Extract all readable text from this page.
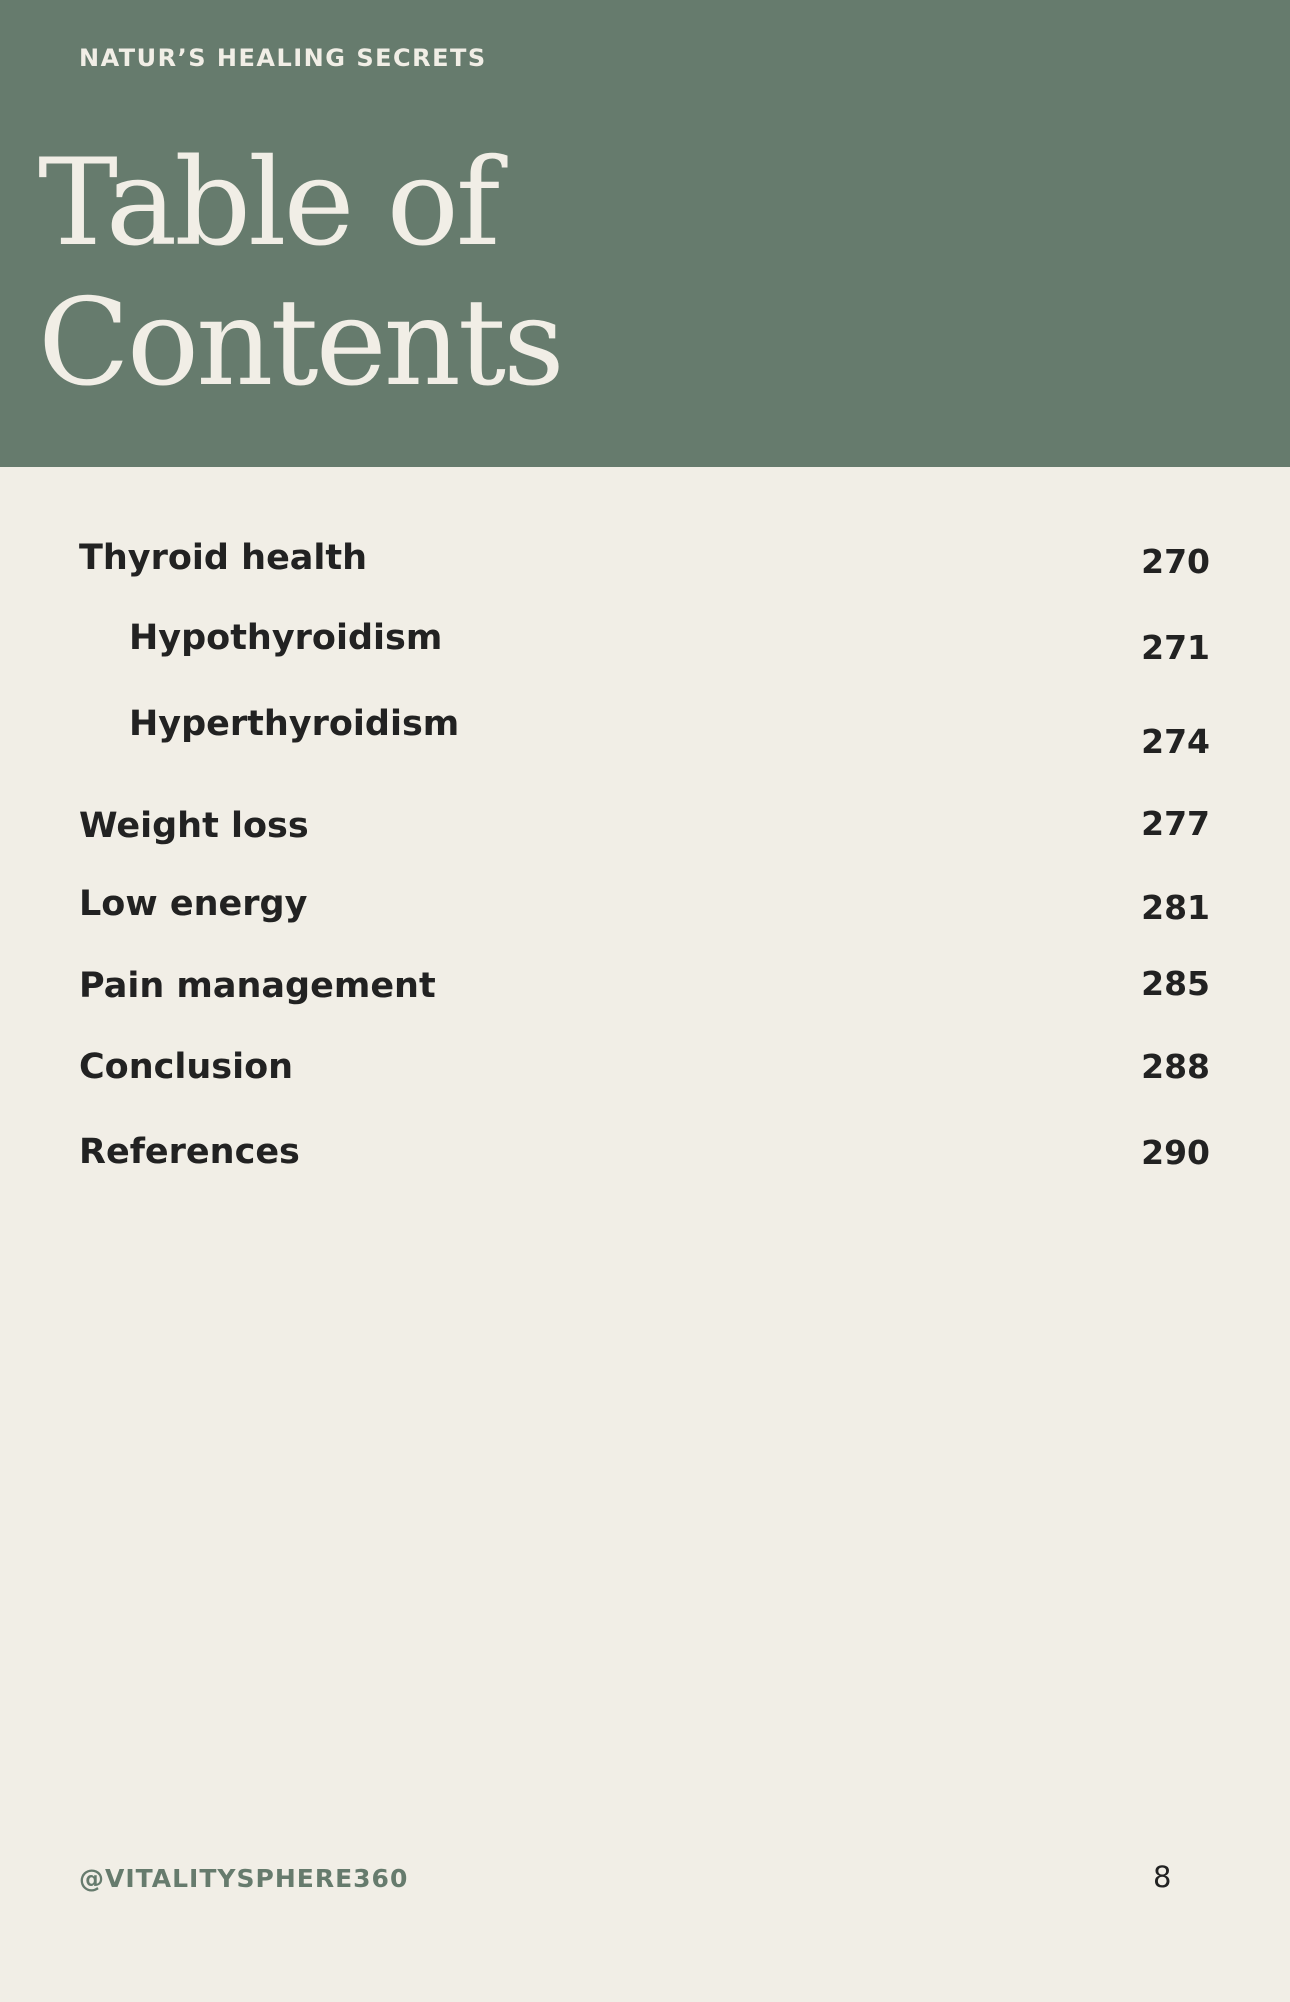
NATUR’S HEALING SECRETS
Table of
Contents
Thyroid health	270
Hypothyroidism	271
Hyperthyroidism	274
Weight loss	277
Low energy	281
Pain management	285
Conclusion	288
References	290
@VITALITYSPHERE360	8
